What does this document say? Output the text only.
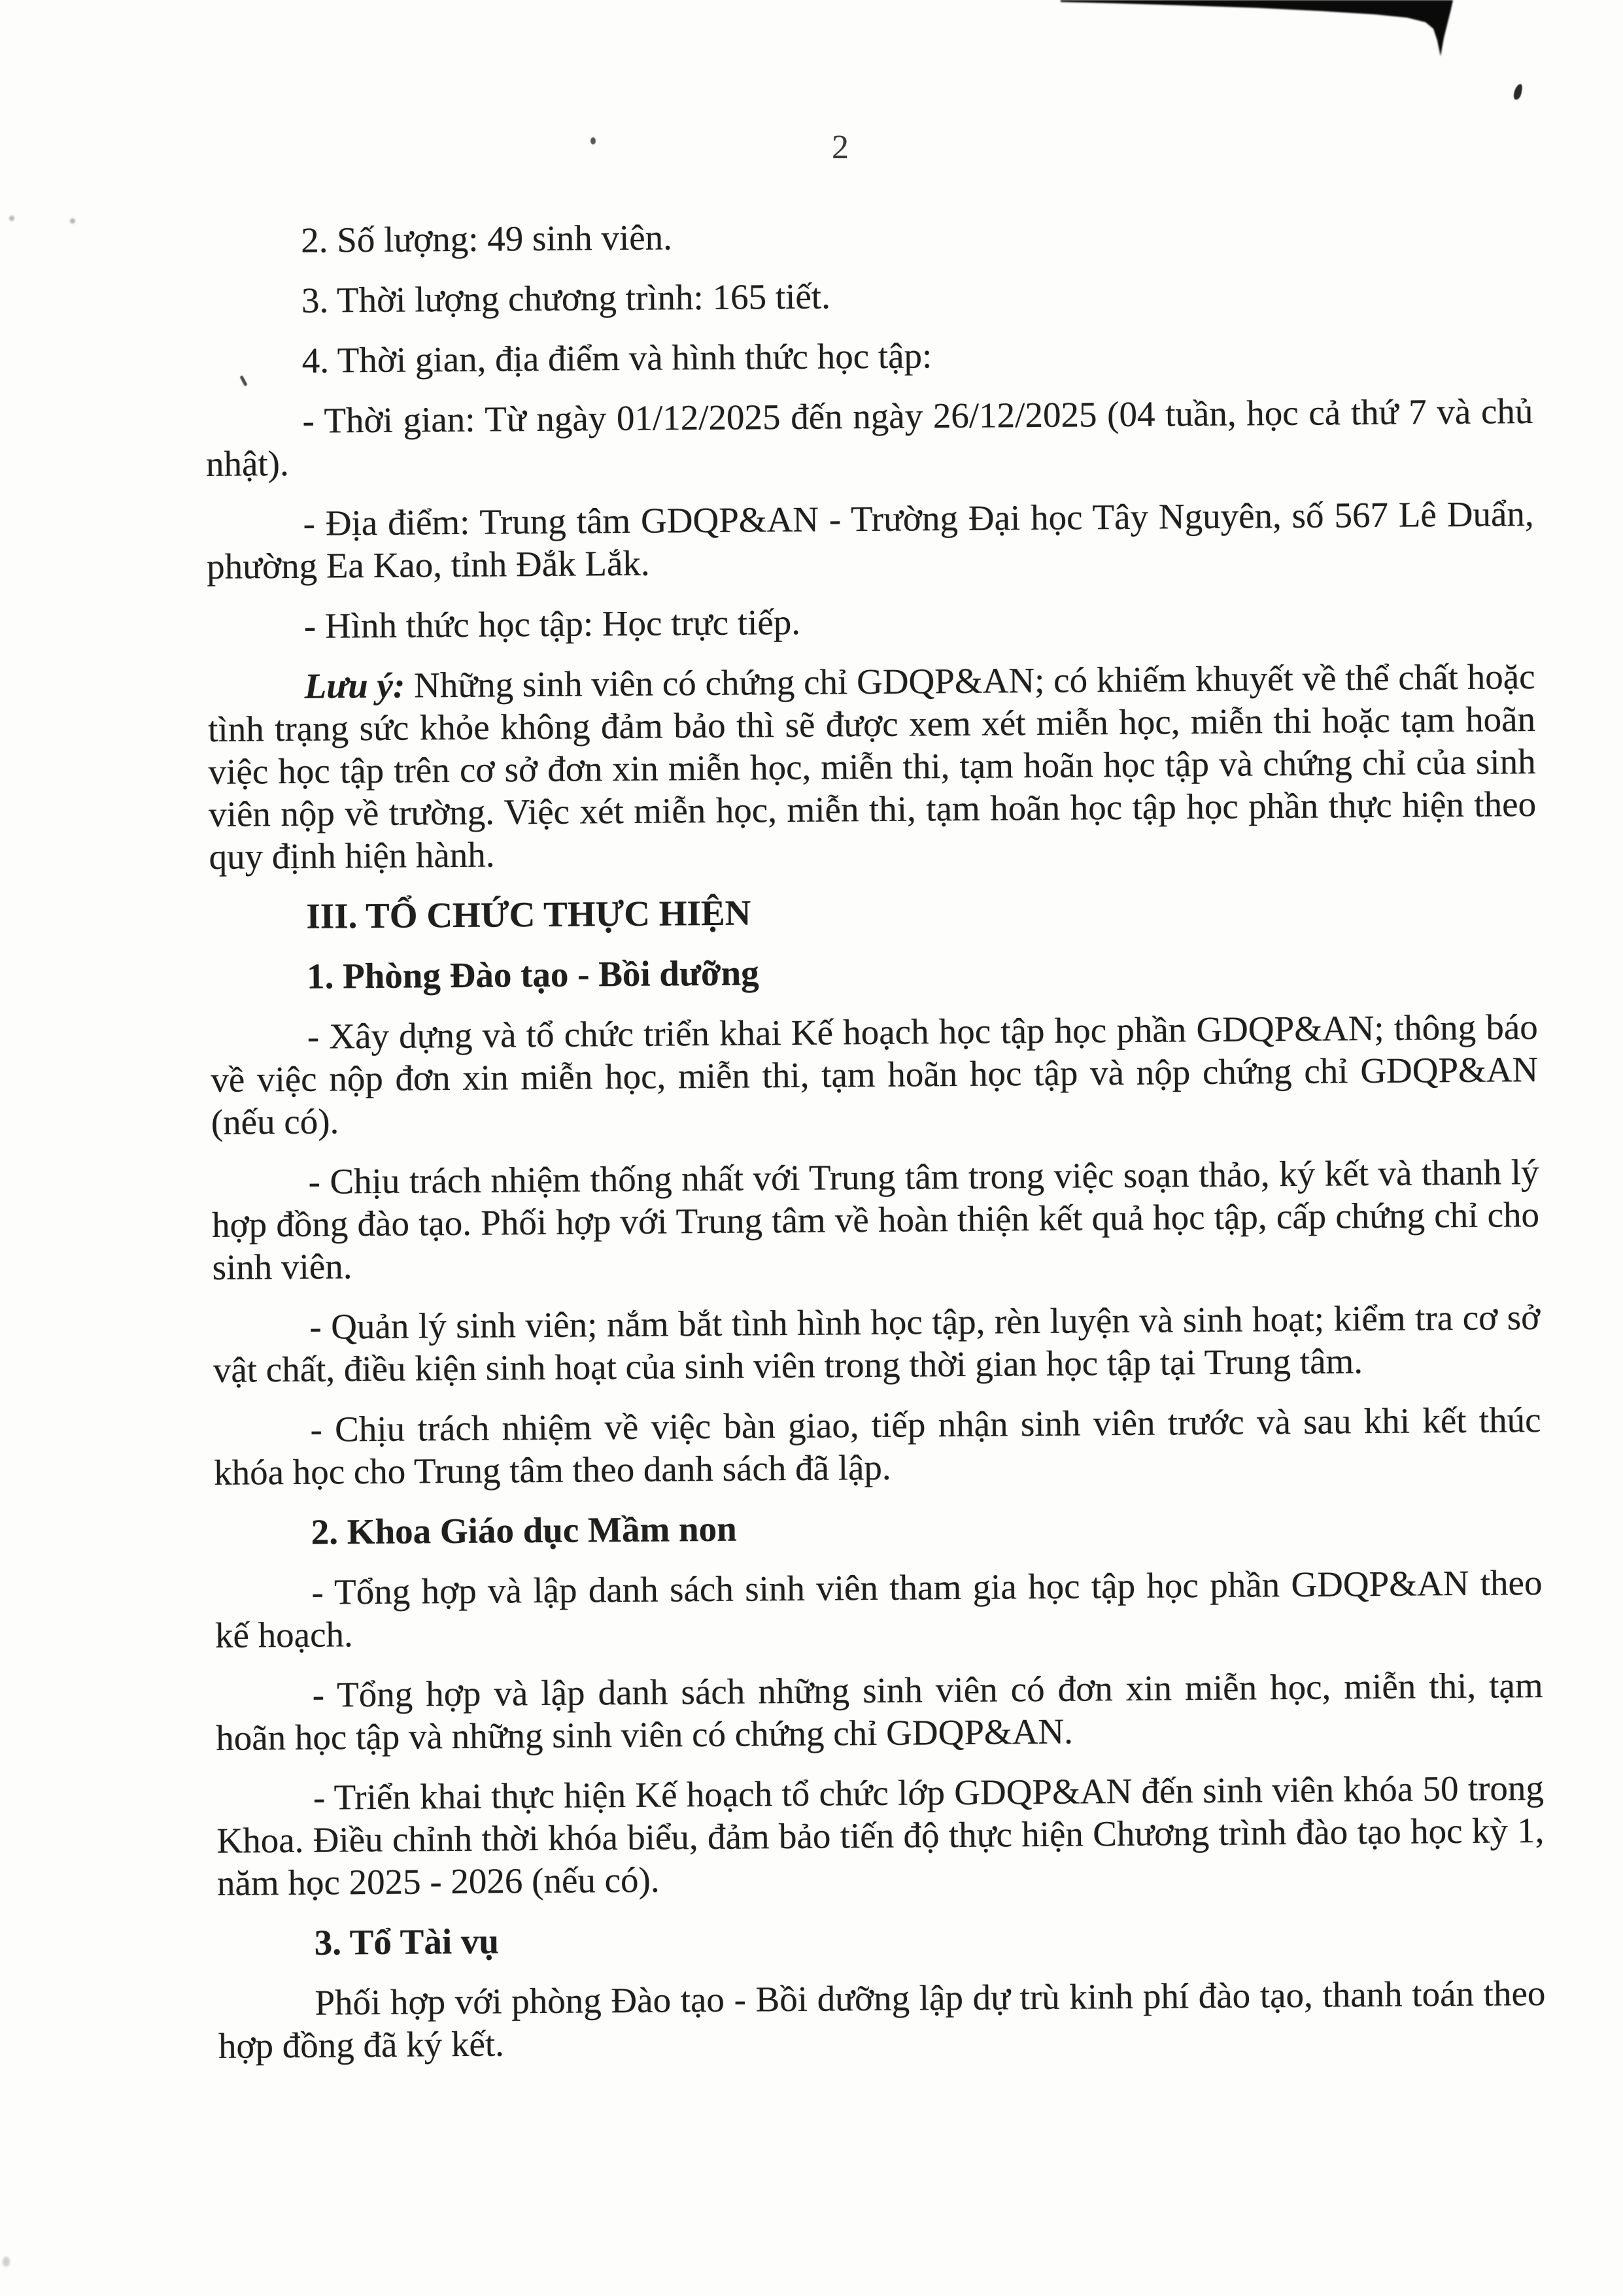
2

2. Số lượng: 49 sinh viên.

3. Thời lượng chương trình: 165 tiết.

4. Thời gian, địa điểm và hình thức học tập:

- Thời gian: Từ ngày 01/12/2025 đến ngày 26/12/2025 (04 tuần, học cả thứ 7 và chủ nhật).

- Địa điểm: Trung tâm GDQP&AN - Trường Đại học Tây Nguyên, số 567 Lê Duẩn, phường Ea Kao, tỉnh Đắk Lắk.

- Hình thức học tập: Học trực tiếp.

Lưu ý: Những sinh viên có chứng chỉ GDQP&AN; có khiếm khuyết về thể chất hoặc tình trạng sức khỏe không đảm bảo thì sẽ được xem xét miễn học, miễn thi hoặc tạm hoãn việc học tập trên cơ sở đơn xin miễn học, miễn thi, tạm hoãn học tập và chứng chỉ của sinh viên nộp về trường. Việc xét miễn học, miễn thi, tạm hoãn học tập học phần thực hiện theo quy định hiện hành.

III. TỔ CHỨC THỰC HIỆN

1. Phòng Đào tạo - Bồi dưỡng

- Xây dựng và tổ chức triển khai Kế hoạch học tập học phần GDQP&AN; thông báo về việc nộp đơn xin miễn học, miễn thi, tạm hoãn học tập và nộp chứng chỉ GDQP&AN (nếu có).

- Chịu trách nhiệm thống nhất với Trung tâm trong việc soạn thảo, ký kết và thanh lý hợp đồng đào tạo. Phối hợp với Trung tâm về hoàn thiện kết quả học tập, cấp chứng chỉ cho sinh viên.

- Quản lý sinh viên; nắm bắt tình hình học tập, rèn luyện và sinh hoạt; kiểm tra cơ sở vật chất, điều kiện sinh hoạt của sinh viên trong thời gian học tập tại Trung tâm.

- Chịu trách nhiệm về việc bàn giao, tiếp nhận sinh viên trước và sau khi kết thúc khóa học cho Trung tâm theo danh sách đã lập.

2. Khoa Giáo dục Mầm non

- Tổng hợp và lập danh sách sinh viên tham gia học tập học phần GDQP&AN theo kế hoạch.

- Tổng hợp và lập danh sách những sinh viên có đơn xin miễn học, miễn thi, tạm hoãn học tập và những sinh viên có chứng chỉ GDQP&AN.

- Triển khai thực hiện Kế hoạch tổ chức lớp GDQP&AN đến sinh viên khóa 50 trong Khoa. Điều chỉnh thời khóa biểu, đảm bảo tiến độ thực hiện Chương trình đào tạo học kỳ 1, năm học 2025 - 2026 (nếu có).

3. Tổ Tài vụ

Phối hợp với phòng Đào tạo - Bồi dưỡng lập dự trù kinh phí đào tạo, thanh toán theo hợp đồng đã ký kết.
